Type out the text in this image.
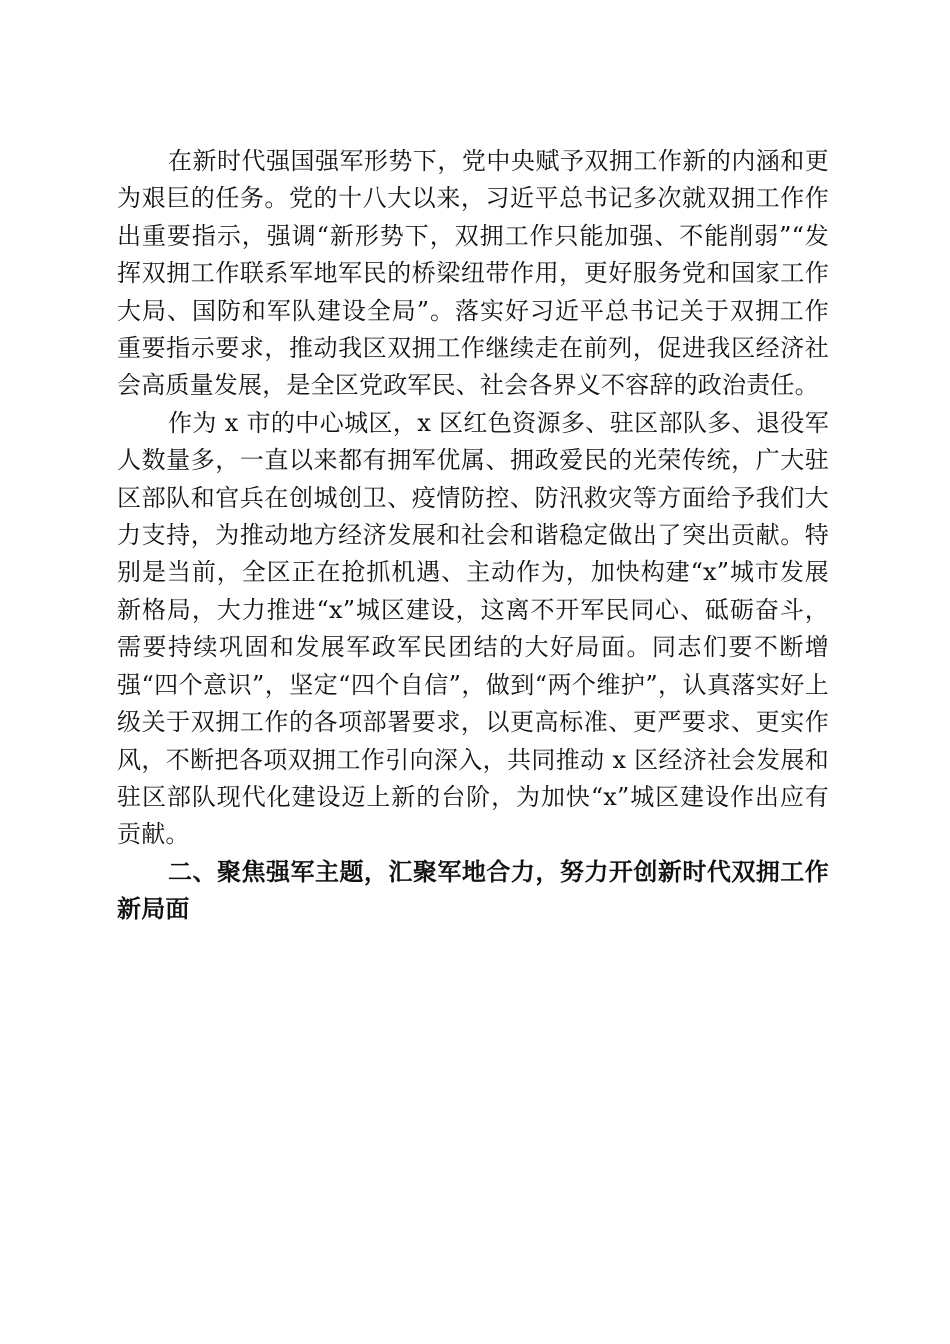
在新时代强国强军形势下，党中央赋予双拥工作新的内涵和更为艰巨的任务。党的十八大以来，习近平总书记多次就双拥工作作出重要指示，强调“新形势下，双拥工作只能加强、不能削弱”“发挥双拥工作联系军地军民的桥梁纽带作用，更好服务党和国家工作大局、国防和军队建设全局”。落实好习近平总书记关于双拥工作重要指示要求，推动我区双拥工作继续走在前列，促进我区经济社会高质量发展，是全区党政军民、社会各界义不容辞的政治责任。

作为 x 市的中心城区，x 区红色资源多、驻区部队多、退役军人数量多，一直以来都有拥军优属、拥政爱民的光荣传统，广大驻区部队和官兵在创城创卫、疫情防控、防汛救灾等方面给予我们大力支持，为推动地方经济发展和社会和谐稳定做出了突出贡献。特别是当前，全区正在抢抓机遇、主动作为，加快构建“x”城市发展新格局，大力推进“x”城区建设，这离不开军民同心、砥砺奋斗，需要持续巩固和发展军政军民团结的大好局面。同志们要不断增强“四个意识”，坚定“四个自信”，做到“两个维护”，认真落实好上级关于双拥工作的各项部署要求，以更高标准、更严要求、更实作风，不断把各项双拥工作引向深入，共同推动 x 区经济社会发展和驻区部队现代化建设迈上新的台阶，为加快“x”城区建设作出应有贡献。

二、聚焦强军主题，汇聚军地合力，努力开创新时代双拥工作新局面
